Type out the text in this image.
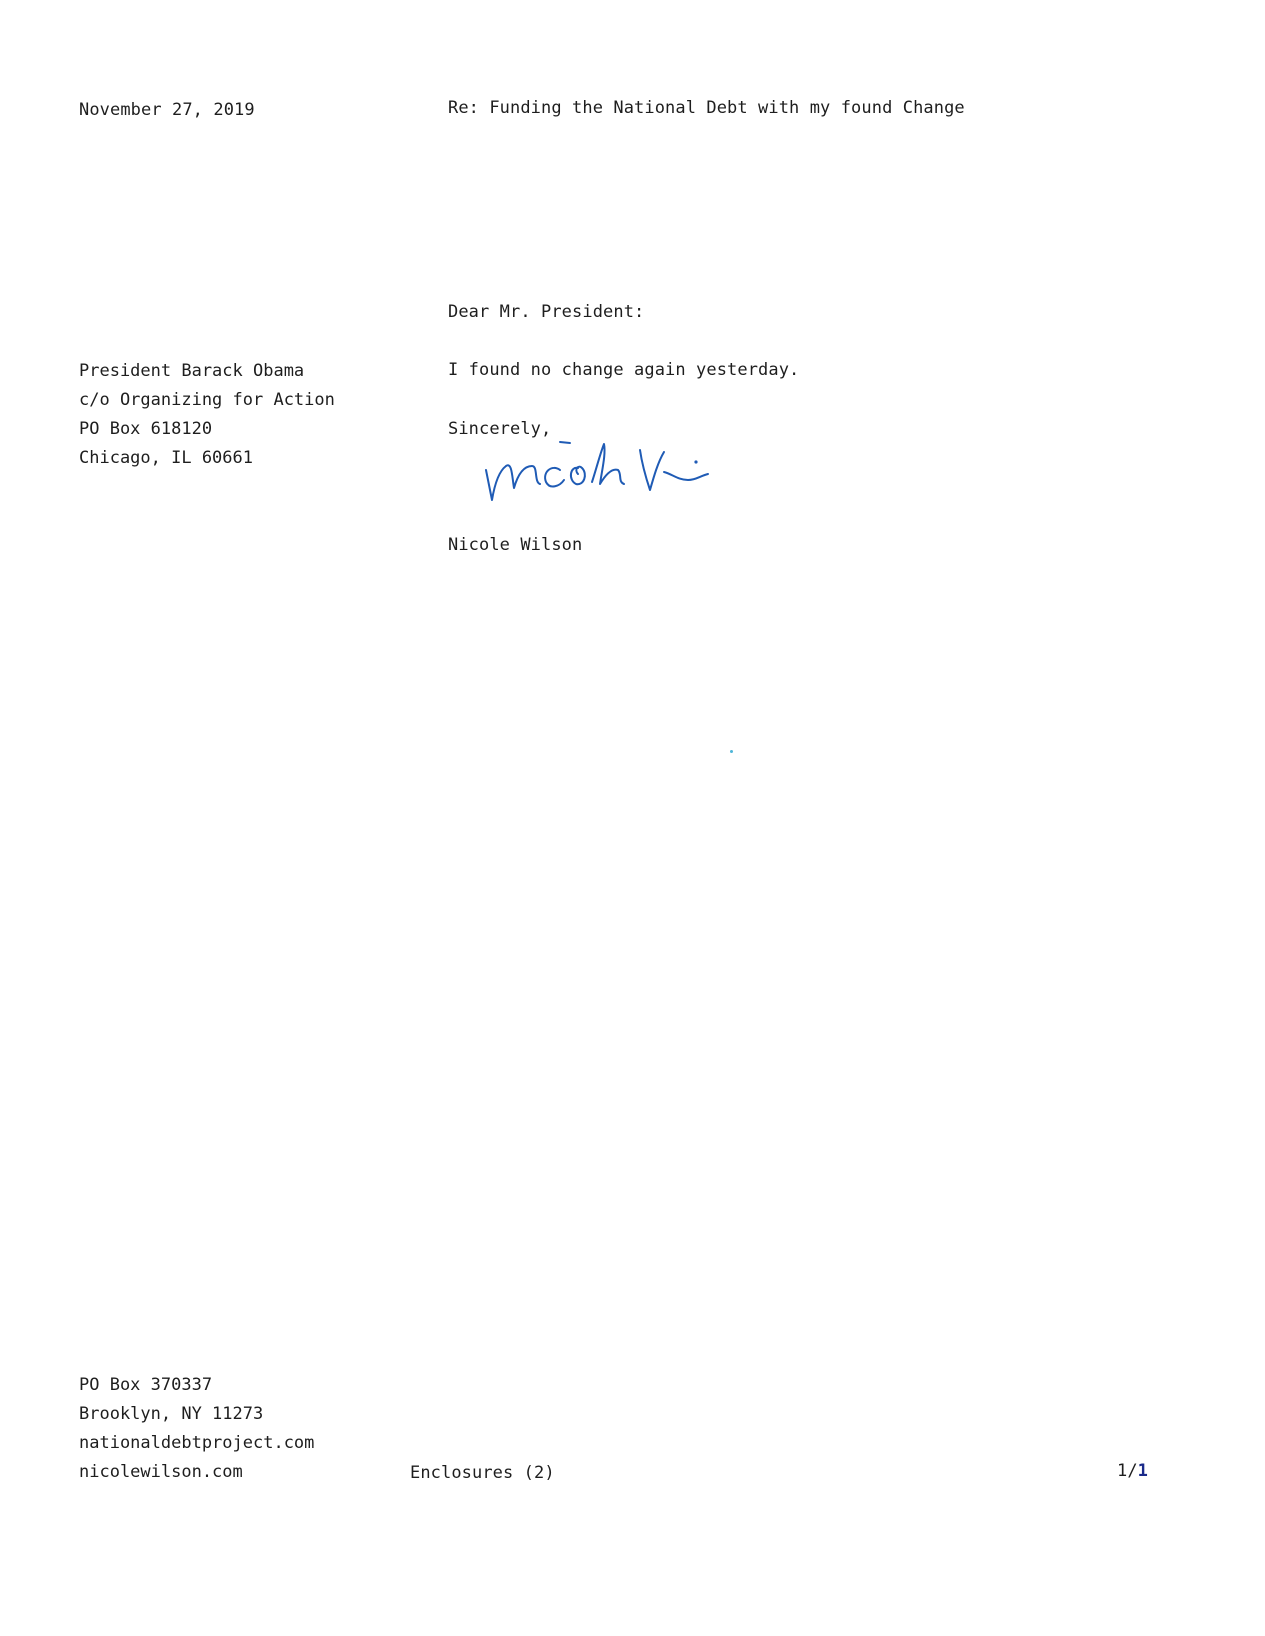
November 27, 2019	Re: Funding the National Debt with my found Change
President Barack Obama
c/o Organizing for Action
PO Box 618120
Chicago, IL 60661
Dear Mr. President:
I found no change again yesterday.
Sincerely,
Nicole Wilson
PO Box 370337
Brooklyn, NY 11273
nationaldebtproject.com
nicolewilson.com	Enclosures (2)	1/1
